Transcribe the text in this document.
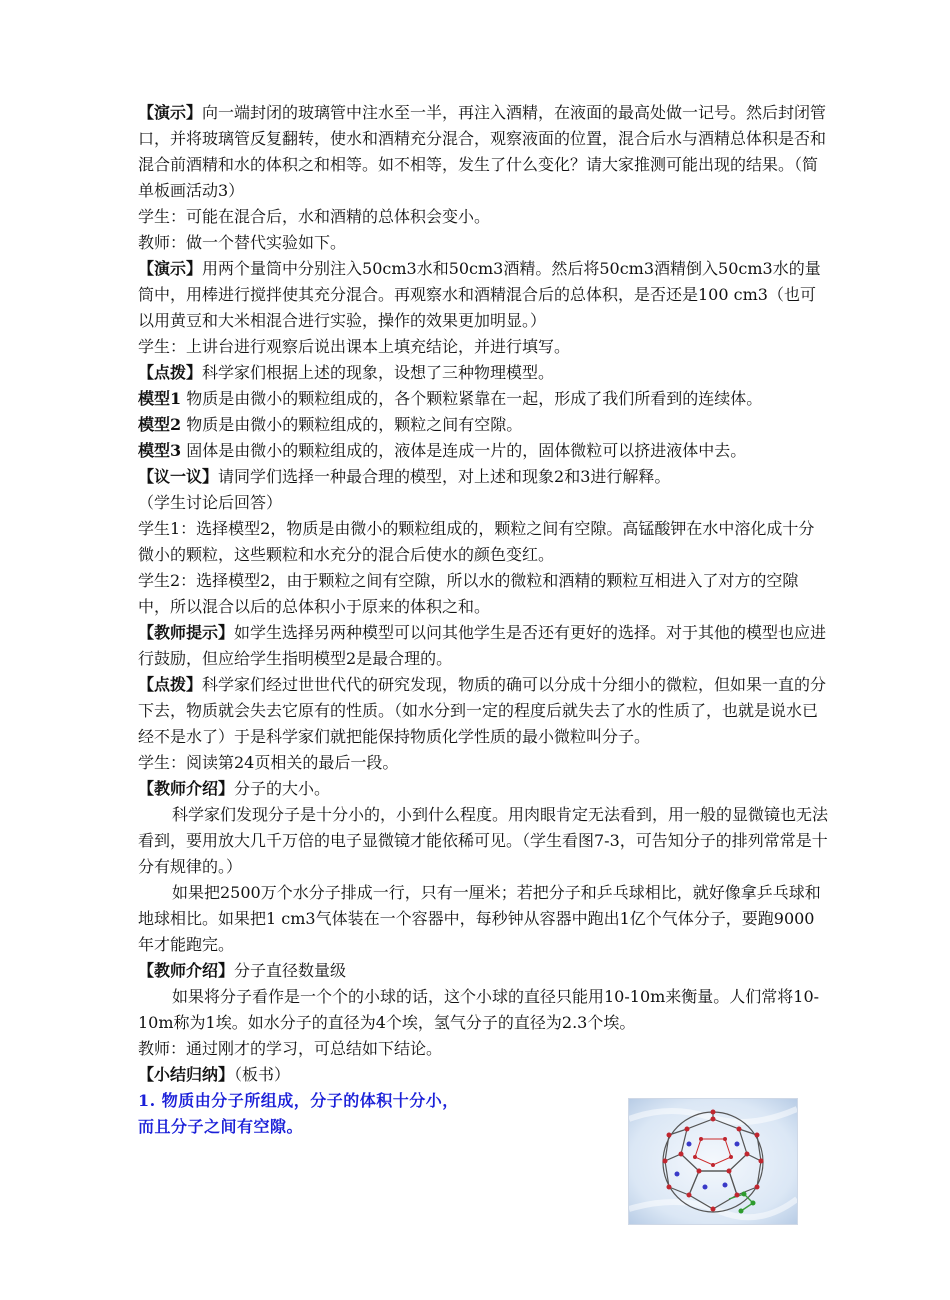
【演示】向一端封闭的玻璃管中注水至一半，再注入酒精，在液面的最高处做一记号。然后封闭管口，并将玻璃管反复翻转，使水和酒精充分混合，观察液面的位置，混合后水与酒精总体积是否和混合前酒精和水的体积之和相等。如不相等，发生了什么变化？请大家推测可能出现的结果。（简单板画活动3）

学生：可能在混合后，水和酒精的总体积会变小。

教师：做一个替代实验如下。

【演示】用两个量筒中分别注入50cm3水和50cm3酒精。然后将50cm3酒精倒入50cm3水的量筒中，用棒进行搅拌使其充分混合。再观察水和酒精混合后的总体积，是否还是100 cm3（也可以用黄豆和大米相混合进行实验，操作的效果更加明显。）

学生：上讲台进行观察后说出课本上填充结论，并进行填写。

【点拨】科学家们根据上述的现象，设想了三种物理模型。

模型1 物质是由微小的颗粒组成的，各个颗粒紧靠在一起，形成了我们所看到的连续体。

模型2 物质是由微小的颗粒组成的，颗粒之间有空隙。

模型3 固体是由微小的颗粒组成的，液体是连成一片的，固体微粒可以挤进液体中去。

【议一议】请同学们选择一种最合理的模型，对上述和现象2和3进行解释。

（学生讨论后回答）

学生1：选择模型2，物质是由微小的颗粒组成的，颗粒之间有空隙。高锰酸钾在水中溶化成十分微小的颗粒，这些颗粒和水充分的混合后使水的颜色变红。

学生2：选择模型2，由于颗粒之间有空隙，所以水的微粒和酒精的颗粒互相进入了对方的空隙中，所以混合以后的总体积小于原来的体积之和。

【教师提示】如学生选择另两种模型可以问其他学生是否还有更好的选择。对于其他的模型也应进行鼓励，但应给学生指明模型2是最合理的。

【点拨】科学家们经过世世代代的研究发现，物质的确可以分成十分细小的微粒，但如果一直的分下去，物质就会失去它原有的性质。（如水分到一定的程度后就失去了水的性质了，也就是说水已经不是水了）于是科学家们就把能保持物质化学性质的最小微粒叫分子。

学生：阅读第24页相关的最后一段。

【教师介绍】分子的大小。

科学家们发现分子是十分小的，小到什么程度。用肉眼肯定无法看到，用一般的显微镜也无法看到，要用放大几千万倍的电子显微镜才能依稀可见。（学生看图7-3，可告知分子的排列常常是十分有规律的。）

如果把2500万个水分子排成一行，只有一厘米；若把分子和乒乓球相比，就好像拿乒乓球和地球相比。如果把1 cm3气体装在一个容器中，每秒钟从容器中跑出1亿个气体分子，要跑9000年才能跑完。

【教师介绍】分子直径数量级

如果将分子看作是一个个的小球的话，这个小球的直径只能用10-10m来衡量。人们常将10-10m称为1埃。如水分子的直径为4个埃，氢气分子的直径为2.3个埃。

教师：通过刚才的学习，可总结如下结论。

【小结归纳】（板书）

1. 物质由分子所组成，分子的体积十分小，

而且分子之间有空隙。
